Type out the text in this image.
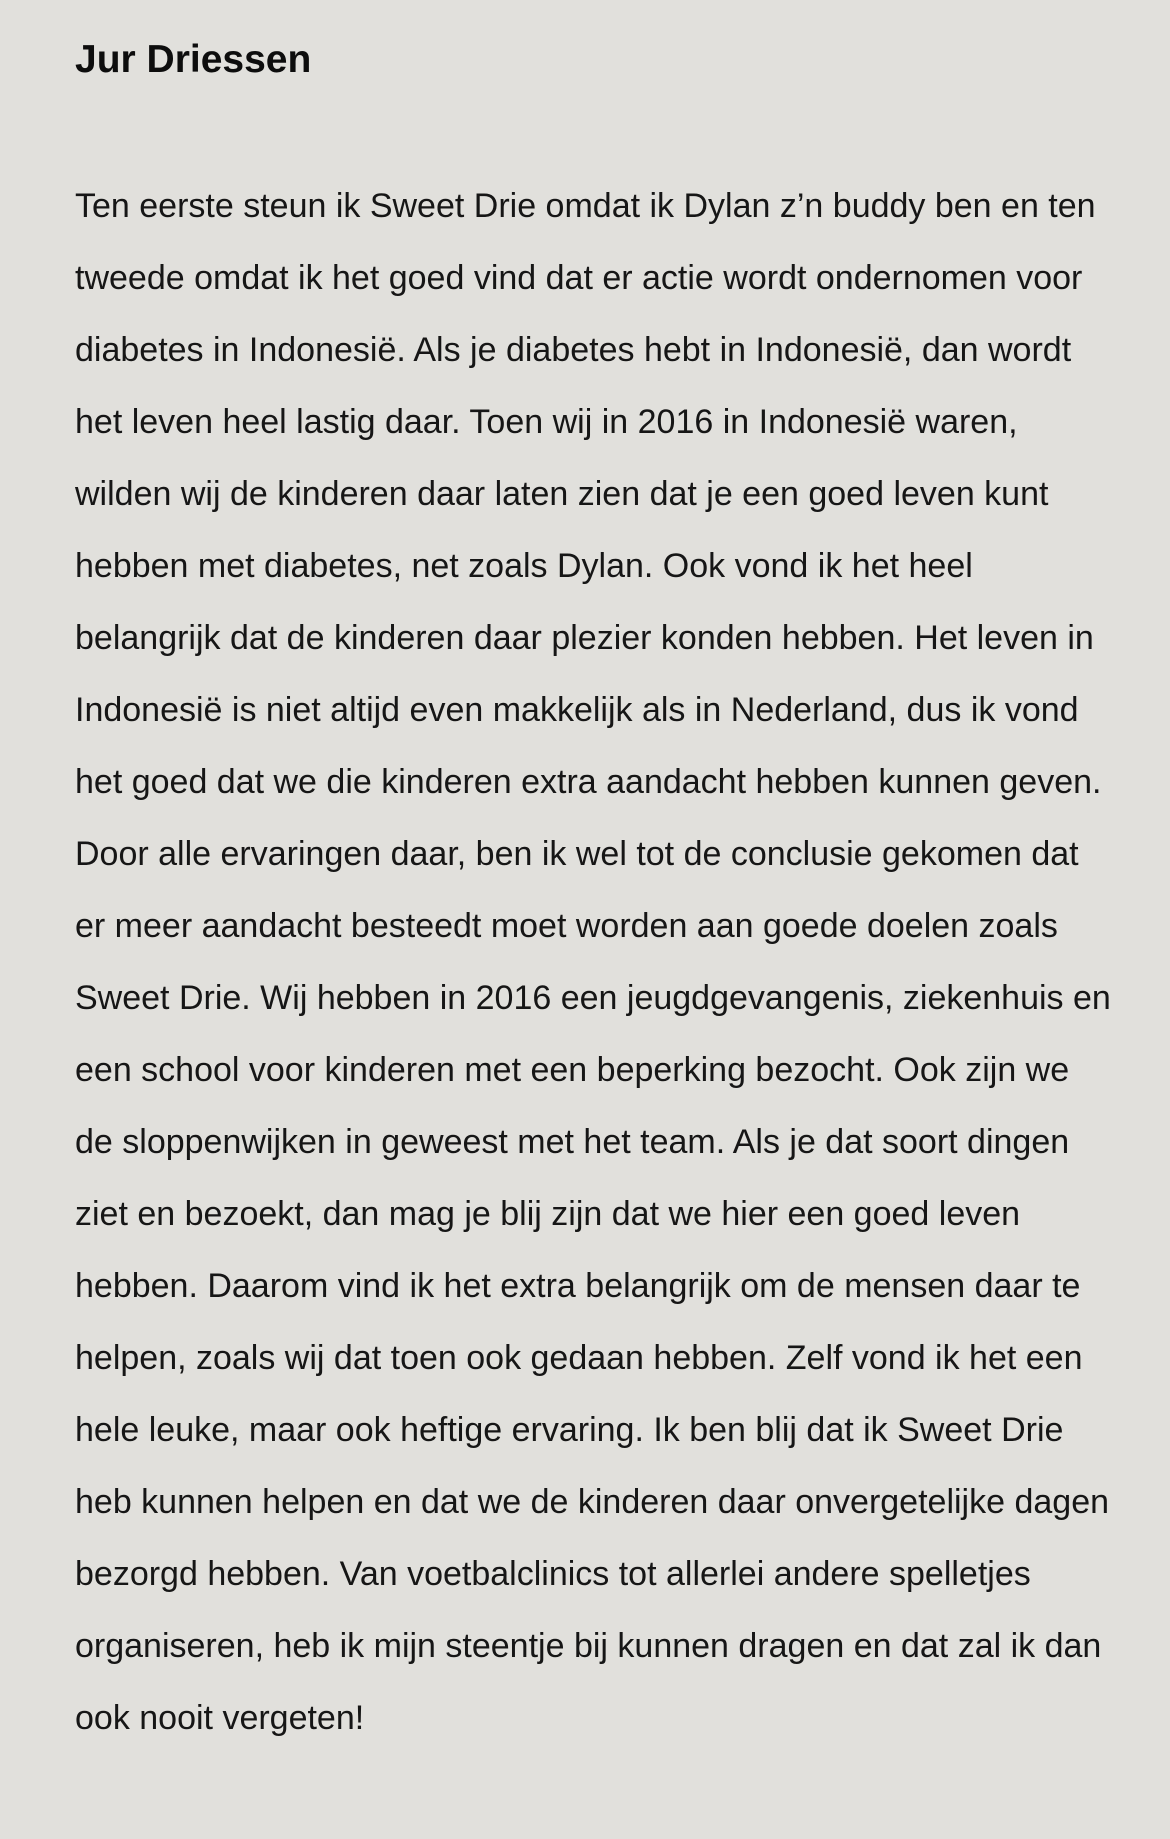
Jur Driessen

Ten eerste steun ik Sweet Drie omdat ik Dylan z’n buddy ben en ten tweede omdat ik het goed vind dat er actie wordt ondernomen voor diabetes in Indonesië. Als je diabetes hebt in Indonesië, dan wordt het leven heel lastig daar. Toen wij in 2016 in Indonesië waren, wilden wij de kinderen daar laten zien dat je een goed leven kunt hebben met diabetes, net zoals Dylan. Ook vond ik het heel belangrijk dat de kinderen daar plezier konden hebben. Het leven in Indonesië is niet altijd even makkelijk als in Nederland, dus ik vond het goed dat we die kinderen extra aandacht hebben kunnen geven. Door alle ervaringen daar, ben ik wel tot de conclusie gekomen dat er meer aandacht besteedt moet worden aan goede doelen zoals Sweet Drie. Wij hebben in 2016 een jeugdgevangenis, ziekenhuis en een school voor kinderen met een beperking bezocht. Ook zijn we de sloppenwijken in geweest met het team. Als je dat soort dingen ziet en bezoekt, dan mag je blij zijn dat we hier een goed leven hebben. Daarom vind ik het extra belangrijk om de mensen daar te helpen, zoals wij dat toen ook gedaan hebben. Zelf vond ik het een hele leuke, maar ook heftige ervaring. Ik ben blij dat ik Sweet Drie heb kunnen helpen en dat we de kinderen daar onvergetelijke dagen bezorgd hebben. Van voetbalclinics tot allerlei andere spelletjes organiseren, heb ik mijn steentje bij kunnen dragen en dat zal ik dan ook nooit vergeten!
